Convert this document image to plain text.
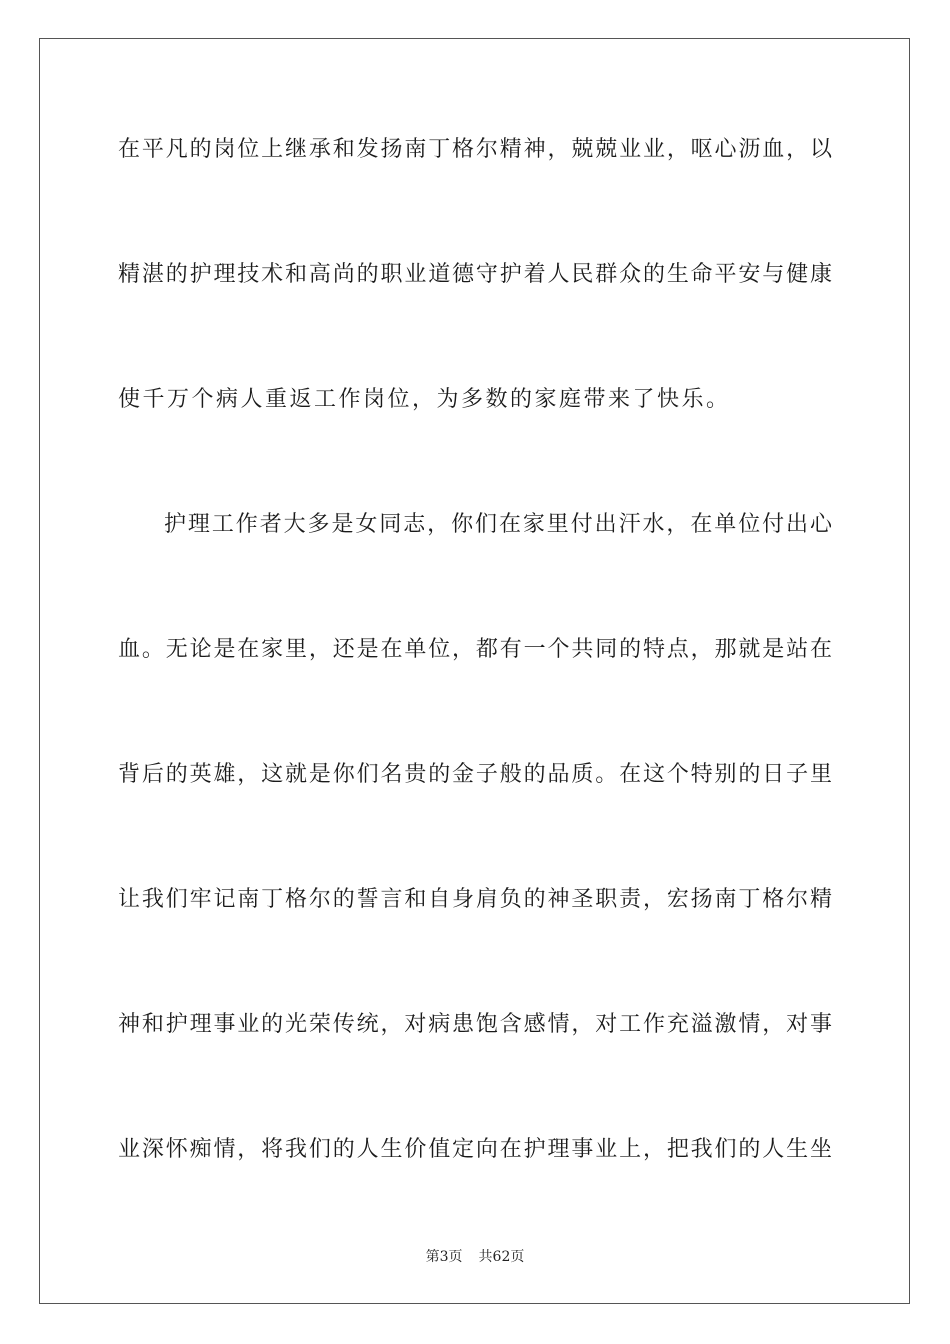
在平凡的岗位上继承和发扬南丁格尔精神，兢兢业业，呕心沥血，以
精湛的护理技术和高尚的职业道德守护着人民群众的生命平安与健康
使千万个病人重返工作岗位，为多数的家庭带来了快乐。
护理工作者大多是女同志，你们在家里付出汗水，在单位付出心
血。无论是在家里，还是在单位，都有一个共同的特点，那就是站在
背后的英雄，这就是你们名贵的金子般的品质。在这个特别的日子里
让我们牢记南丁格尔的誓言和自身肩负的神圣职责，宏扬南丁格尔精
神和护理事业的光荣传统，对病患饱含感情，对工作充溢激情，对事
业深怀痴情，将我们的人生价值定向在护理事业上，把我们的人生坐
第3页 共62页
